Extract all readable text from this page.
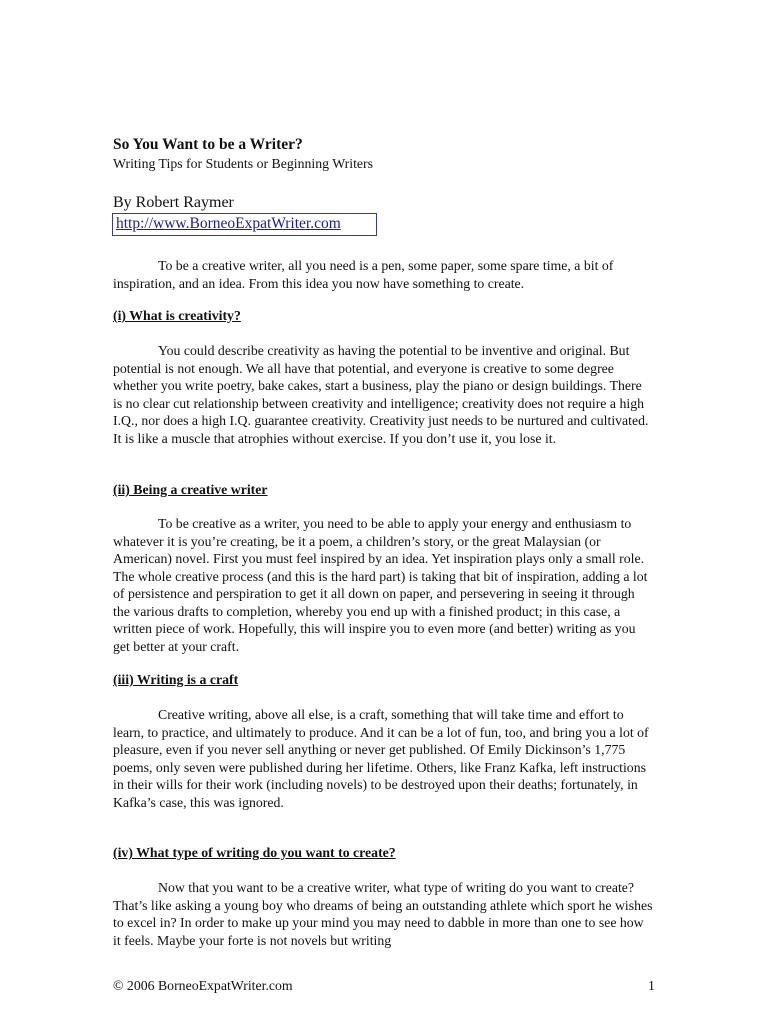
So You Want to be a Writer?
Writing Tips for Students or Beginning Writers
By Robert Raymer
http://www.BorneoExpatWriter.com

To be a creative writer, all you need is a pen, some paper, some spare time, a bit of inspiration, and an idea. From this idea you now have something to create.

(i) What is creativity?

You could describe creativity as having the potential to be inventive and original. But potential is not enough. We all have that potential, and everyone is creative to some degree whether you write poetry, bake cakes, start a business, play the piano or design buildings. There is no clear cut relationship between creativity and intelligence; creativity does not require a high I.Q., nor does a high I.Q. guarantee creativity. Creativity just needs to be nurtured and cultivated. It is like a muscle that atrophies without exercise. If you don’t use it, you lose it.

(ii) Being a creative writer

To be creative as a writer, you need to be able to apply your energy and enthusiasm to whatever it is you’re creating, be it a poem, a children’s story, or the great Malaysian (or American) novel. First you must feel inspired by an idea. Yet inspiration plays only a small role. The whole creative process (and this is the hard part) is taking that bit of inspiration, adding a lot of persistence and perspiration to get it all down on paper, and persevering in seeing it through the various drafts to completion, whereby you end up with a finished product; in this case, a written piece of work. Hopefully, this will inspire you to even more (and better) writing as you get better at your craft.

(iii) Writing is a craft

Creative writing, above all else, is a craft, something that will take time and effort to learn, to practice, and ultimately to produce. And it can be a lot of fun, too, and bring you a lot of pleasure, even if you never sell anything or never get published. Of Emily Dickinson’s 1,775 poems, only seven were published during her lifetime. Others, like Franz Kafka, left instructions in their wills for their work (including novels) to be destroyed upon their deaths; fortunately, in Kafka’s case, this was ignored.

(iv) What type of writing do you want to create?

Now that you want to be a creative writer, what type of writing do you want to create? That’s like asking a young boy who dreams of being an outstanding athlete which sport he wishes to excel in? In order to make up your mind you may need to dabble in more than one to see how it feels. Maybe your forte is not novels but writing

© 2006 BorneoExpatWriter.com	1
